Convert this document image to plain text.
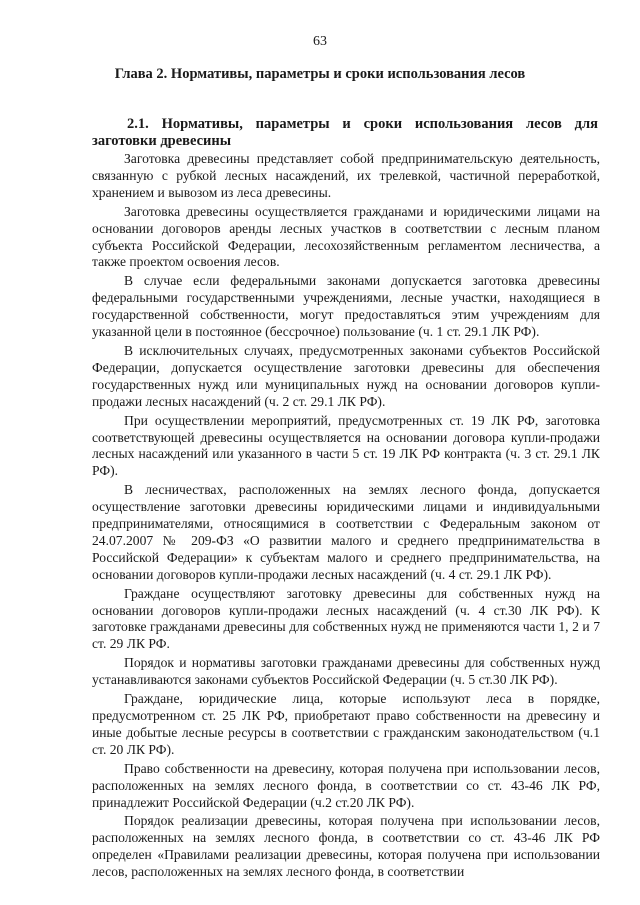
63
Глава 2. Нормативы, параметры и сроки использования лесов
2.1. Нормативы, параметры и сроки использования лесов для заготовки древесины

Заготовка древесины представляет собой предпринимательскую деятельность, связанную с рубкой лесных насаждений, их трелевкой, частичной переработкой, хранением и вывозом из леса древесины.

Заготовка древесины осуществляется гражданами и юридическими лицами на основании договоров аренды лесных участков в соответствии с лесным планом субъекта Российской Федерации, лесохозяйственным регламентом лесничества, а также проектом освоения лесов.

В случае если федеральными законами допускается заготовка древесины федеральными государственными учреждениями, лесные участки, находящиеся в государственной собственности, могут предоставляться этим учреждениям для указанной цели в постоянное (бессрочное) пользование (ч. 1 ст. 29.1 ЛК РФ).

В исключительных случаях, предусмотренных законами субъектов Российской Федерации, допускается осуществление заготовки древесины для обеспечения государственных нужд или муниципальных нужд на основании договоров купли-продажи лесных насаждений (ч. 2 ст. 29.1 ЛК РФ).

При осуществлении мероприятий, предусмотренных ст. 19 ЛК РФ, заготовка соответствующей древесины осуществляется на основании договора купли-продажи лесных насаждений или указанного в части 5 ст. 19 ЛК РФ контракта (ч. 3 ст. 29.1 ЛК РФ).

В лесничествах, расположенных на землях лесного фонда, допускается осуществление заготовки древесины юридическими лицами и индивидуальными предпринимателями, относящимися в соответствии с Федеральным законом от 24.07.2007 № 209-ФЗ «О развитии малого и среднего предпринимательства в Российской Федерации» к субъектам малого и среднего предпринимательства, на основании договоров купли-продажи лесных насаждений (ч. 4 ст. 29.1 ЛК РФ).

Граждане осуществляют заготовку древесины для собственных нужд на основании договоров купли-продажи лесных насаждений (ч. 4 ст.30 ЛК РФ). К заготовке гражданами древесины для собственных нужд не применяются части 1, 2 и 7 ст. 29 ЛК РФ.

Порядок и нормативы заготовки гражданами древесины для собственных нужд устанавливаются законами субъектов Российской Федерации (ч. 5 ст.30 ЛК РФ).

Граждане, юридические лица, которые используют леса в порядке, предусмотренном ст. 25 ЛК РФ, приобретают право собственности на древесину и иные добытые лесные ресурсы в соответствии с гражданским законодательством (ч.1 ст. 20 ЛК РФ).

Право собственности на древесину, которая получена при использовании лесов, расположенных на землях лесного фонда, в соответствии со ст. 43-46 ЛК РФ, принадлежит Российской Федерации (ч.2 ст.20 ЛК РФ).

Порядок реализации древесины, которая получена при использовании лесов, расположенных на землях лесного фонда, в соответствии со ст. 43-46 ЛК РФ определен «Правилами реализации древесины, которая получена при использовании лесов, расположенных на землях лесного фонда, в соответствии
